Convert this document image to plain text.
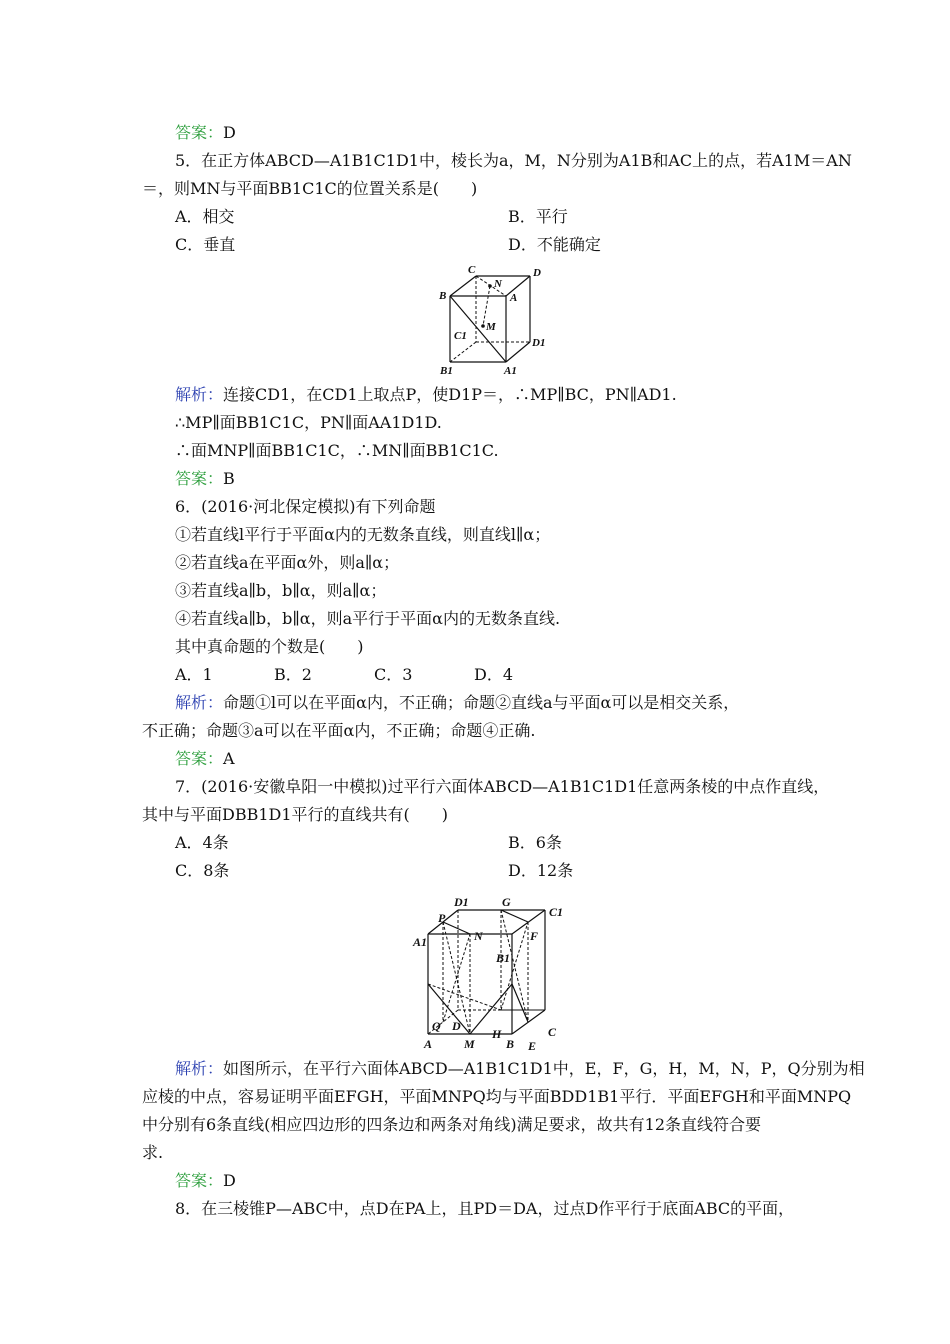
答案：D
5．在正方体ABCD—A1B1C1D1中，棱长为a，M，N分别为A1B和AC上的点，若A1M＝AN
＝，则MN与平面BB1C1C的位置关系是(　　)
A．相交	B．平行
C．垂直	D．不能确定
C	D
N
B	A
M
C1
D1
B1	A1
解析：连接CD1，在CD1上取点P，使D1P＝，∴MP∥BC，PN∥AD1.
∴MP∥面BB1C1C，PN∥面AA1D1D.
∴面MNP∥面BB1C1C，∴MN∥面BB1C1C.
答案：B
6．(2016·河北保定模拟)有下列命题
①若直线l平行于平面α内的无数条直线，则直线l∥α；
②若直线a在平面α外，则a∥α；
③若直线a∥b，b∥α，则a∥α；
④若直线a∥b，b∥α，则a平行于平面α内的无数条直线.
其中真命题的个数是(　　)
A．1	B．2	C．3	D．4
解析：命题①l可以在平面α内，不正确；命题②直线a与平面α可以是相交关系，
不正确；命题③a可以在平面α内，不正确；命题④正确.
答案：A
7．(2016·安徽阜阳一中模拟)过平行六面体ABCD—A1B1C1D1任意两条棱的中点作直线，
其中与平面DBB1D1平行的直线共有(　　)
A．4条	B．6条
C．8条	D．12条
D1	G
C1
P
F
A1	N
B1
D	C
Q
H
E
A	M	B
解析：如图所示，在平行六面体ABCD—A1B1C1D1中，E，F，G，H，M，N，P，Q分别为相
应棱的中点，容易证明平面EFGH，平面MNPQ均与平面BDD1B1平行．平面EFGH和平面MNPQ
中分别有6条直线(相应四边形的四条边和两条对角线)满足要求，故共有12条直线符合要
求.
答案：D
8．在三棱锥P—ABC中，点D在PA上，且PD＝DA，过点D作平行于底面ABC的平面，
